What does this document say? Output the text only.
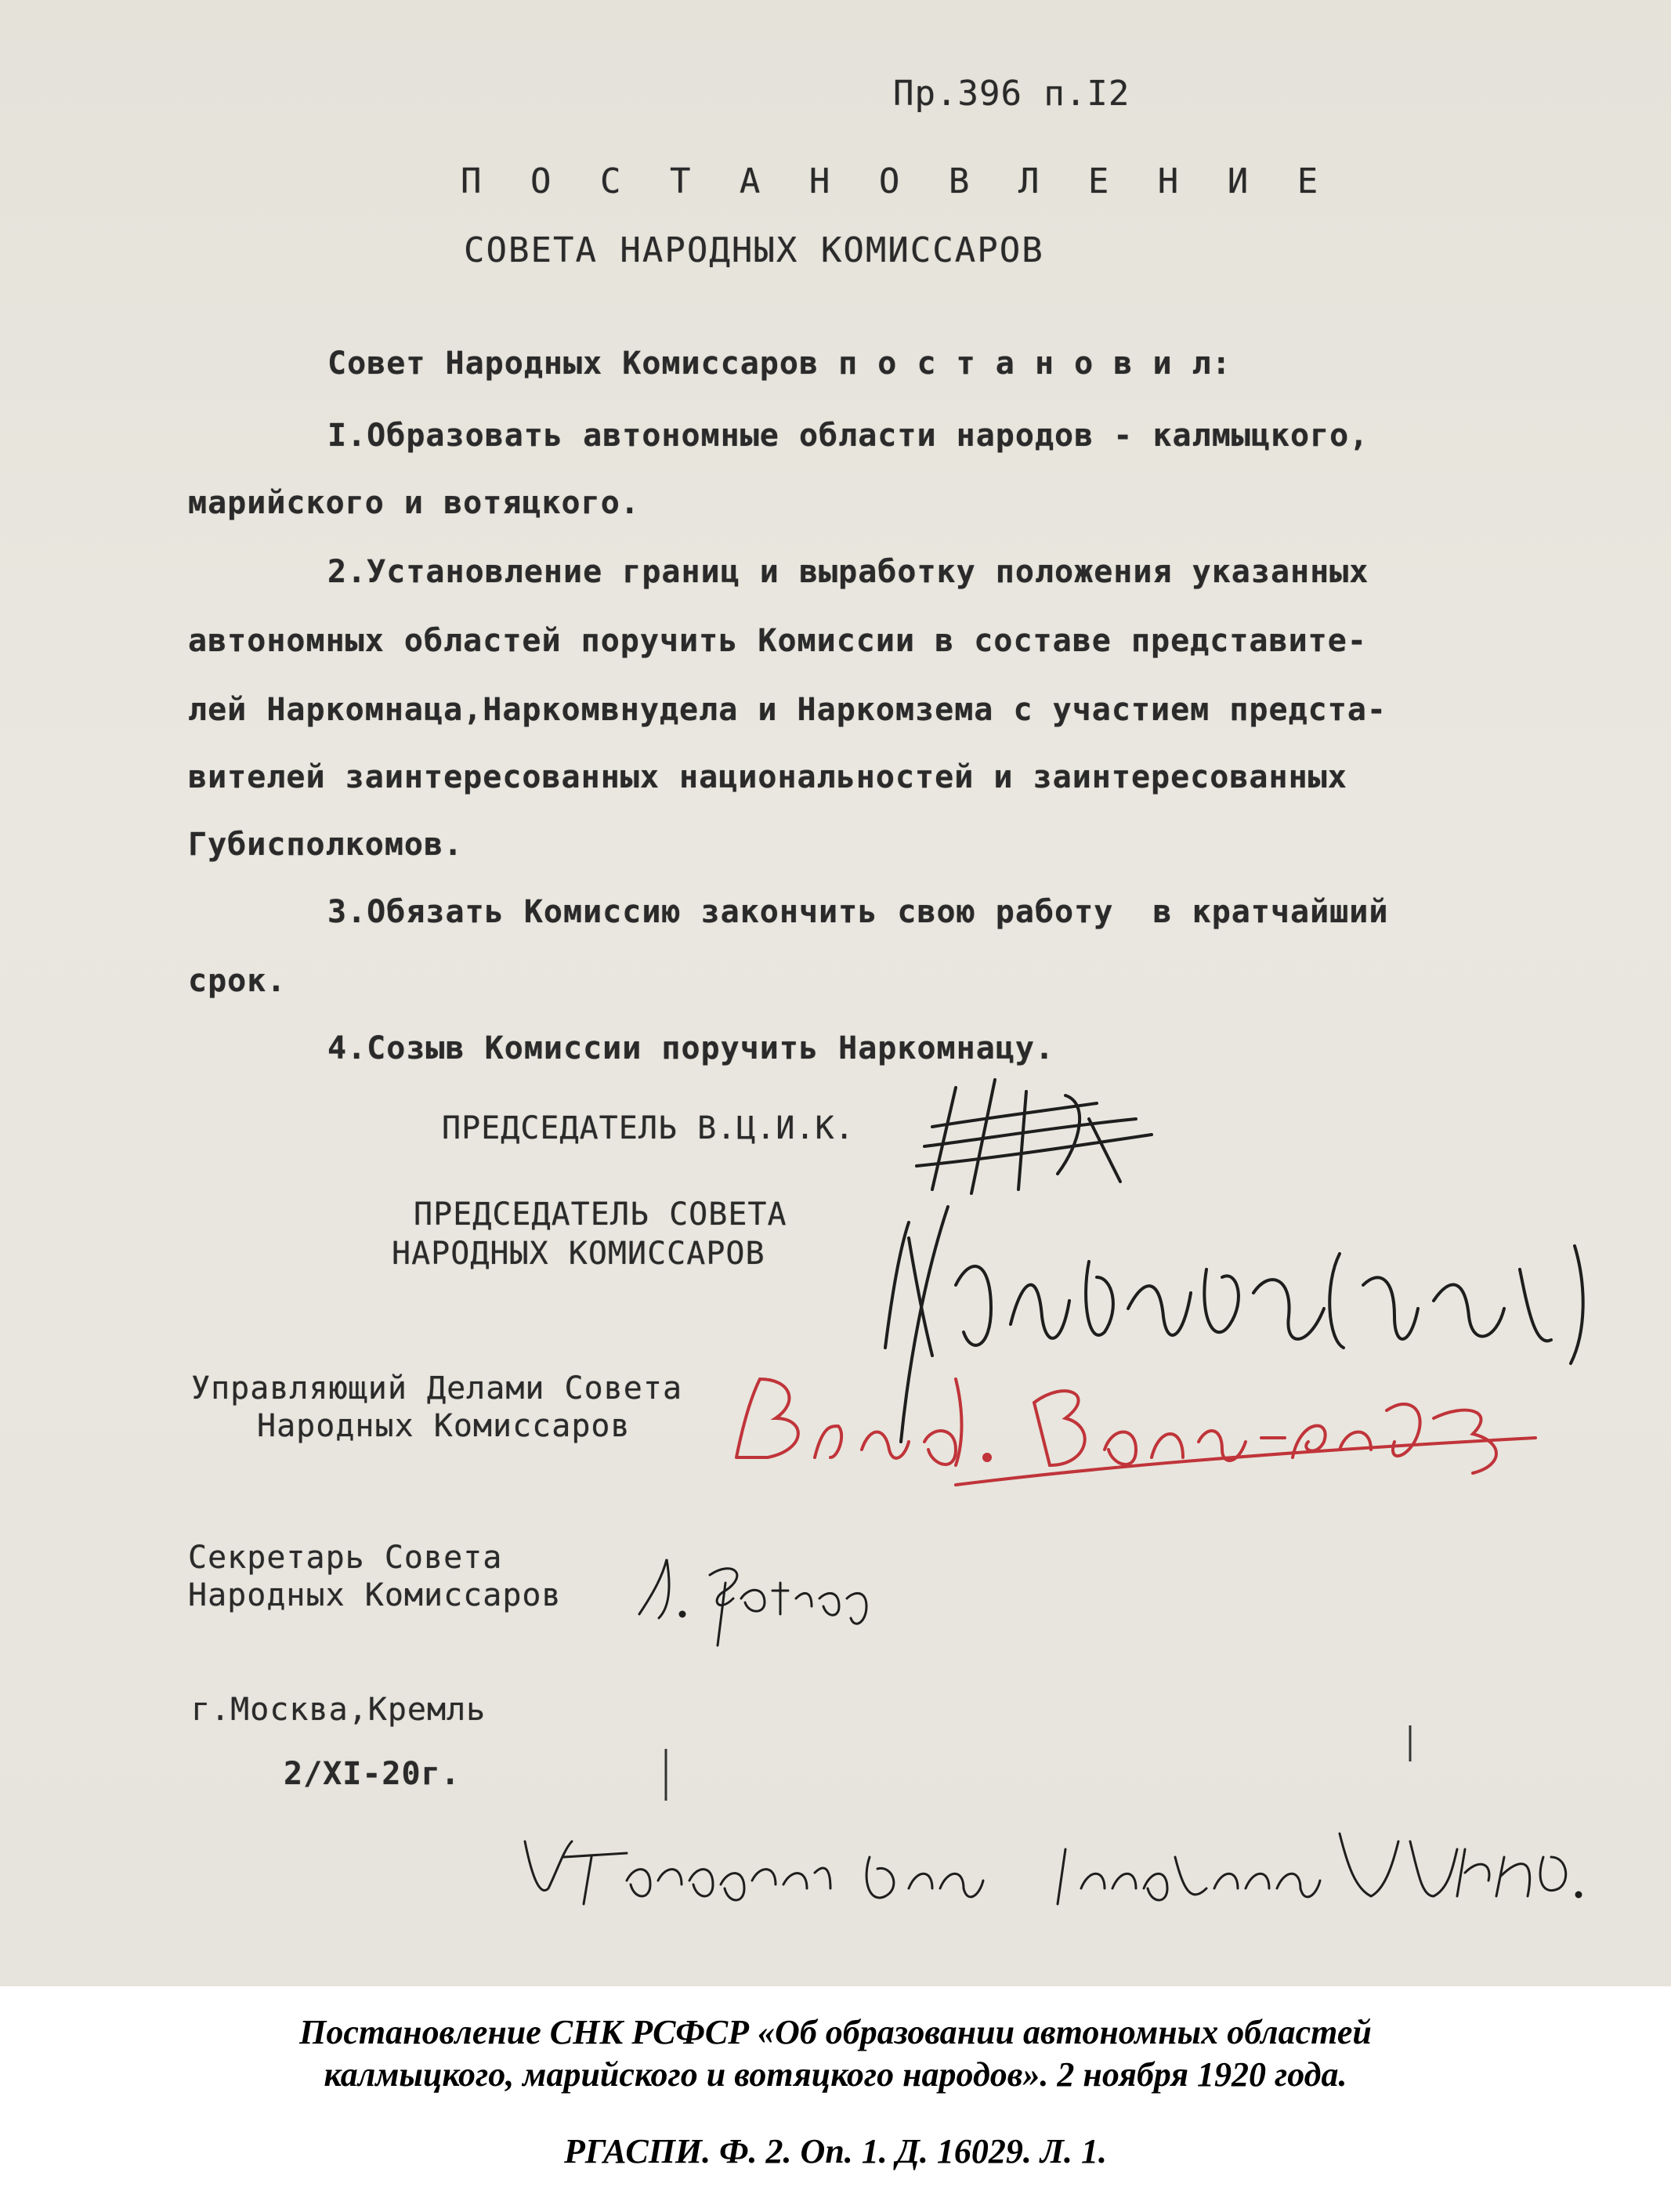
Пр.396 п.I2
П О С Т А Н О В Л Е Н И Е
СОВЕТА НАРОДНЫХ КОМИССАРОВ
Совет Народных Комиссаров п о с т а н о в и л:
I.Образовать автономные области народов - калмыцкого,
марийского и вотяцкого.
2.Установление границ и выработку положения указанных
автономных областей поручить Комиссии в составе представите-
лей Наркомнаца,Наркомвнудела и Наркомзема с участием предста-
вителей заинтересованных национальностей и заинтересованных
Губисполкомов.
3.Обязать Комиссию закончить свою работу  в кратчайший
срок.
4.Созыв Комиссии поручить Наркомнацу.
ПРЕДСЕДАТЕЛЬ В.Ц.И.К.
ПРЕДСЕДАТЕЛЬ СОВЕТА
НАРОДНЫХ КОМИССАРОВ
Управляющий Делами Совета
Народных Комиссаров
Секретарь Совета
Народных Комиссаров
г.Москва,Кремль
2/XI-20г.

Постановление СНК РСФСР «Об образовании автономных областей

калмыцкого, марийского и вотяцкого народов». 2 ноября 1920 года.

РГАСПИ. Ф. 2. Оп. 1. Д. 16029. Л. 1.
